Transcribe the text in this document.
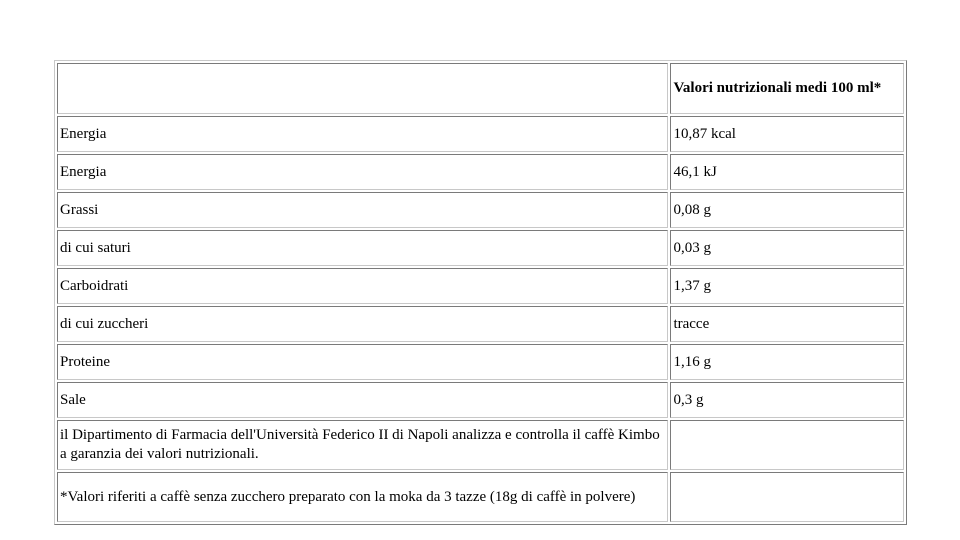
	Valori nutrizionali medi 100 ml*
Energia	10,87 kcal
Energia	46,1 kJ
Grassi	0,08 g
di cui saturi	0,03 g
Carboidrati	1,37 g
di cui zuccheri	tracce
Proteine	1,16 g
Sale	0,3 g
il Dipartimento di Farmacia dell'Università Federico II di Napoli analizza e controlla il caffè Kimbo a garanzia dei valori nutrizionali.	
*Valori riferiti a caffè senza zucchero preparato con la moka da 3 tazze (18g di caffè in polvere)	
